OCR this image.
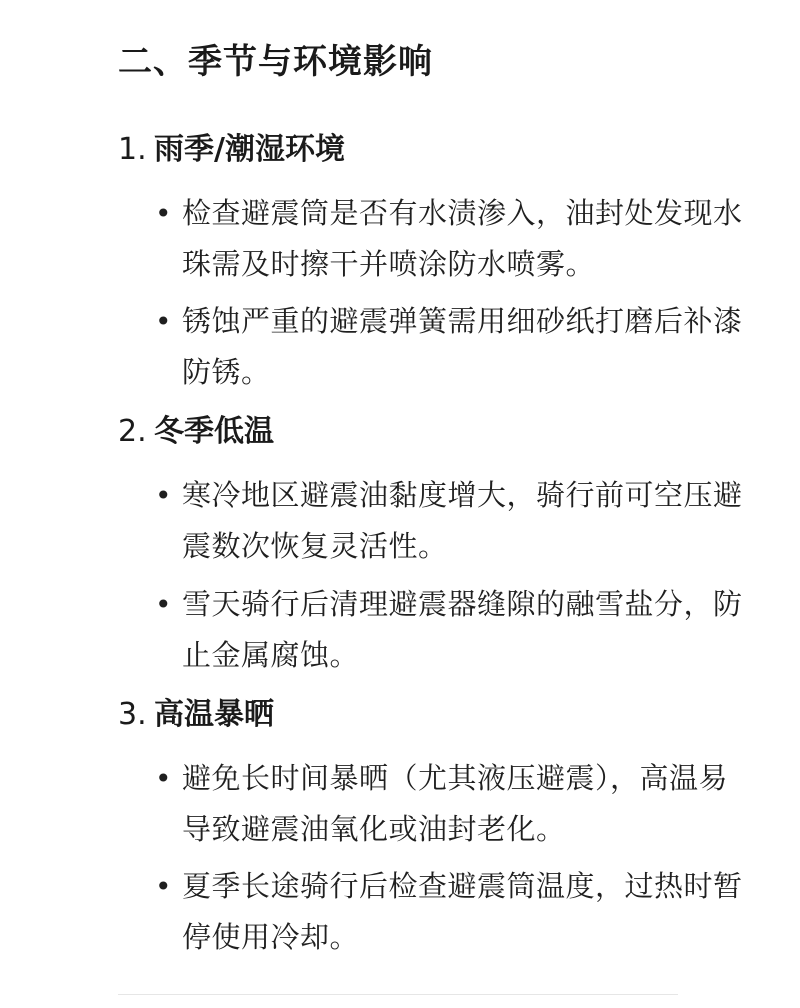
二、季节与环境影响

1. 雨季/潮湿环境

• 检查避震筒是否有水渍渗入，油封处发现水珠需及时擦干并喷涂防水喷雾。
• 锈蚀严重的避震弹簧需用细砂纸打磨后补漆防锈。

2. 冬季低温

• 寒冷地区避震油黏度增大，骑行前可空压避震数次恢复灵活性。
• 雪天骑行后清理避震器缝隙的融雪盐分，防止金属腐蚀。

3. 高温暴晒

• 避免长时间暴晒（尤其液压避震），高温易导致避震油氧化或油封老化。
• 夏季长途骑行后检查避震筒温度，过热时暂停使用冷却。
